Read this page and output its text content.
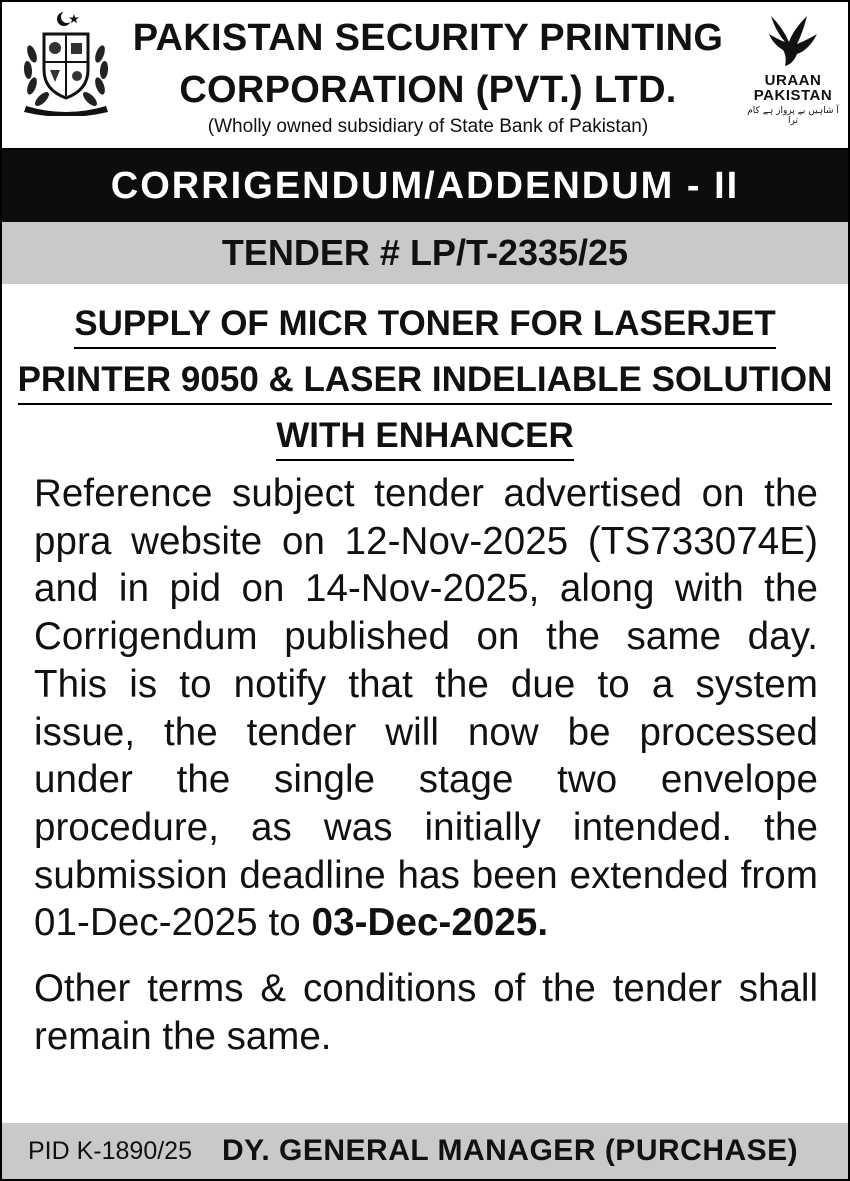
PAKISTAN SECURITY PRINTING
CORPORATION (PVT.) LTD.
(Wholly owned subsidiary of State Bank of Pakistan)
URAAN
PAKISTAN
آ شاہیں بے پرواز ہے کام ترا
CORRIGENDUM/ADDENDUM - II
TENDER # LP/T-2335/25
SUPPLY OF MICR TONER FOR LASERJET
PRINTER 9050 & LASER INDELIABLE SOLUTION
WITH ENHANCER
Reference subject tender advertised on the ppra website on 12-Nov-2025 (TS733074E) and in pid on 14-Nov-2025, along with the Corrigendum published on the same day. This is to notify that the due to a system issue, the tender will now be processed under the single stage two envelope procedure, as was initially intended. the submission deadline has been extended from 01-Dec-2025 to 03-Dec-2025.
Other terms & conditions of the tender shall remain the same.
PID K-1890/25 DY. GENERAL MANAGER (PURCHASE)
